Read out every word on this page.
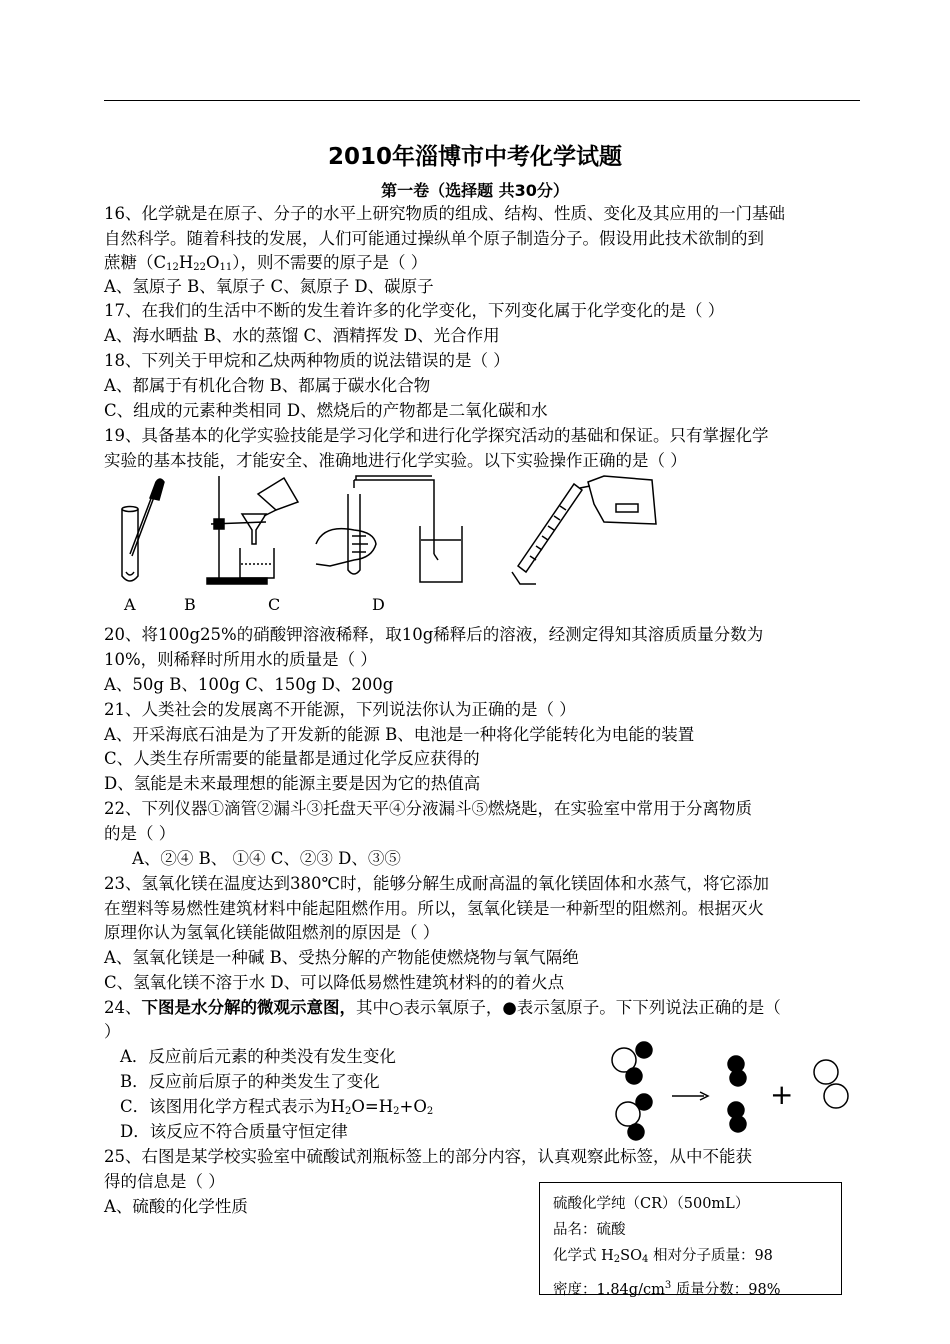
2010年淄博市中考化学试题
第一卷（选择题 共30分）
16、化学就是在原子、分子的水平上研究物质的组成、结构、性质、变化及其应用的一门基础
自然科学。随着科技的发展，人们可能通过操纵单个原子制造分子。假设用此技术欲制的到
蔗糖$(C_{12}H_{22}O_{11})$，则不需要的原子是（ ）
A、氢原子 B、氧原子 C、氮原子 D、碳原子
17、在我们的生活中不断的发生着许多的化学变化，下列变化属于化学变化的是（ ）
A、海水晒盐 B、水的蒸馏 C、酒精挥发 D、光合作用
18、下列关于甲烷和乙炔两种物质的说法错误的是（ ）
A、都属于有机化合物 B、都属于碳水化合物
C、组成的元素种类相同 D、燃烧后的产物都是二氧化碳和水
19、具备基本的化学实验技能是学习化学和进行化学探究活动的基础和保证。只有掌握化学
实验的基本技能，才能安全、准确地进行化学实验。以下实验操作正确的是（ ）
A	B	C	D
20、将100g25%的硝酸钾溶液稀释，取10g稀释后的溶液，经测定得知其溶质质量分数为
10%，则稀释时所用水的质量是（ ）
A、50g B、100g C、150g D、200g
21、人类社会的发展离不开能源，下列说法你认为正确的是（ ）
A、开采海底石油是为了开发新的能源 B、电池是一种将化学能转化为电能的装置
C、人类生存所需要的能量都是通过化学反应获得的
D、氢能是未来最理想的能源主要是因为它的热值高
22、下列仪器①滴管②漏斗③托盘天平④分液漏斗⑤燃烧匙，在实验室中常用于分离物质
的是（ ）
A、②④ B、 ①④ C、②③ D、③⑤
23、氢氧化镁在温度达到380℃时，能够分解生成耐高温的氧化镁固体和水蒸气，将它添加
在塑料等易燃性建筑材料中能起阻燃作用。所以，氢氧化镁是一种新型的阻燃剂。根据灭火
原理你认为氢氧化镁能做阻燃剂的原因是（ ）
A、氢氧化镁是一种碱 B、受热分解的产物能使燃烧物与氧气隔绝
C、氢氧化镁不溶于水 D、可以降低易燃性建筑材料的的着火点
24、下图是水分解的微观示意图，其中○表示氧原子，●表示氢原子。下下列说法正确的是（
）
A．反应前后元素的种类没有发生变化
B．反应前后原子的种类发生了变化
C．该图用化学方程式表示为$H_2O=H_2+O_2$
D．该反应不符合质量守恒定律
+
25、右图是某学校实验室中硫酸试剂瓶标签上的部分内容，认真观察此标签，从中不能获
得的信息是（ ）
A、硫酸的化学性质	硫酸化学纯（CR）（500mL）
品名：硫酸
化学式 $H_2SO_4$ 相对分子质量：98
密度：$1.84g/cm^3$ 质量分数：98%
